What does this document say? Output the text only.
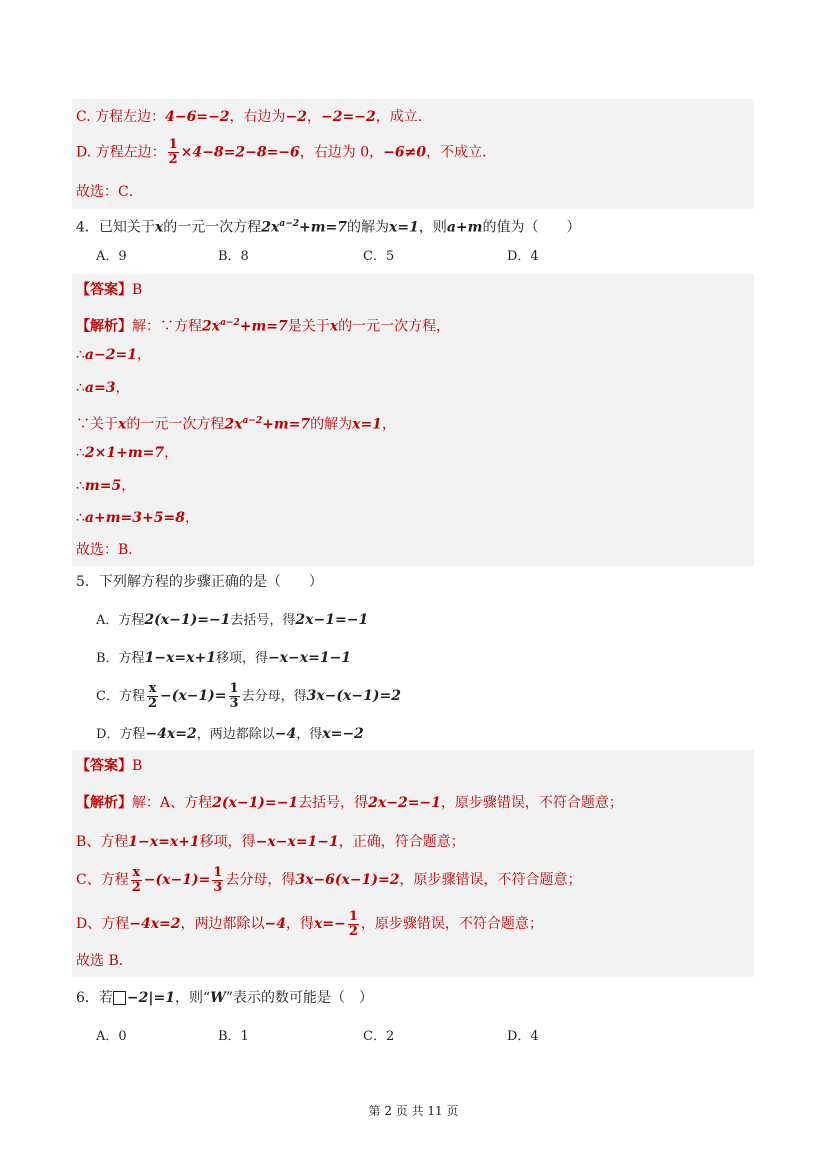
C. 方程左边：4−6=−2，右边为−2，−2=−2，成立．
D. 方程左边： $\frac{1}{2} \times 4-8=2-8=-6$，右边为 0，−6≠0，不成立．
故选：C．
4．已知关于x的一元一次方程$2x^{a-2}+m=7$的解为x=1，则a+m的值为（　　）
A．9	B．8	C．5	D．4
【答案】B
【解析】解：∵方程$2x^{a-2}+m=7$是关于x的一元一次方程，
∴a−2=1，
∴a=3，
∵关于x的一元一次方程$2x^{a-2}+m=7$的解为x=1，
∴2×1+m=7，
∴m=5，
∴a+m=3+5=8，
故选：B．
5．下列解方程的步骤正确的是（　　）
A．方程2(x−1)=−1去括号，得2x−1=−1
B．方程1−x=x+1移项，得−x−x=1−1
C．方程 $\frac{x}{2} -(x-1)= \frac{1}{3}$ 去分母，得3x−(x−1)=2
D．方程−4x=2，两边都除以−4，得x=−2
【答案】B
【解析】解：A、方程2(x−1)=−1去括号，得2x−2=−1，原步骤错误，不符合题意；
B、方程1−x=x+1移项，得−x−x=1−1，正确，符合题意；
C、方程 $\frac{x}{2} -(x-1)= \frac{1}{3}$ 去分母，得3x−6(x−1)=2，原步骤错误，不符合题意；
D、方程−4x=2，两边都除以−4，得$x=- \frac{1}{2}$ ，原步骤错误，不符合题意；
故选 B．
6．若 −2|=1，则“W”表示的数可能是（　）
A．0	B．1	C．2	D．4
第 2 页 共 11 页
